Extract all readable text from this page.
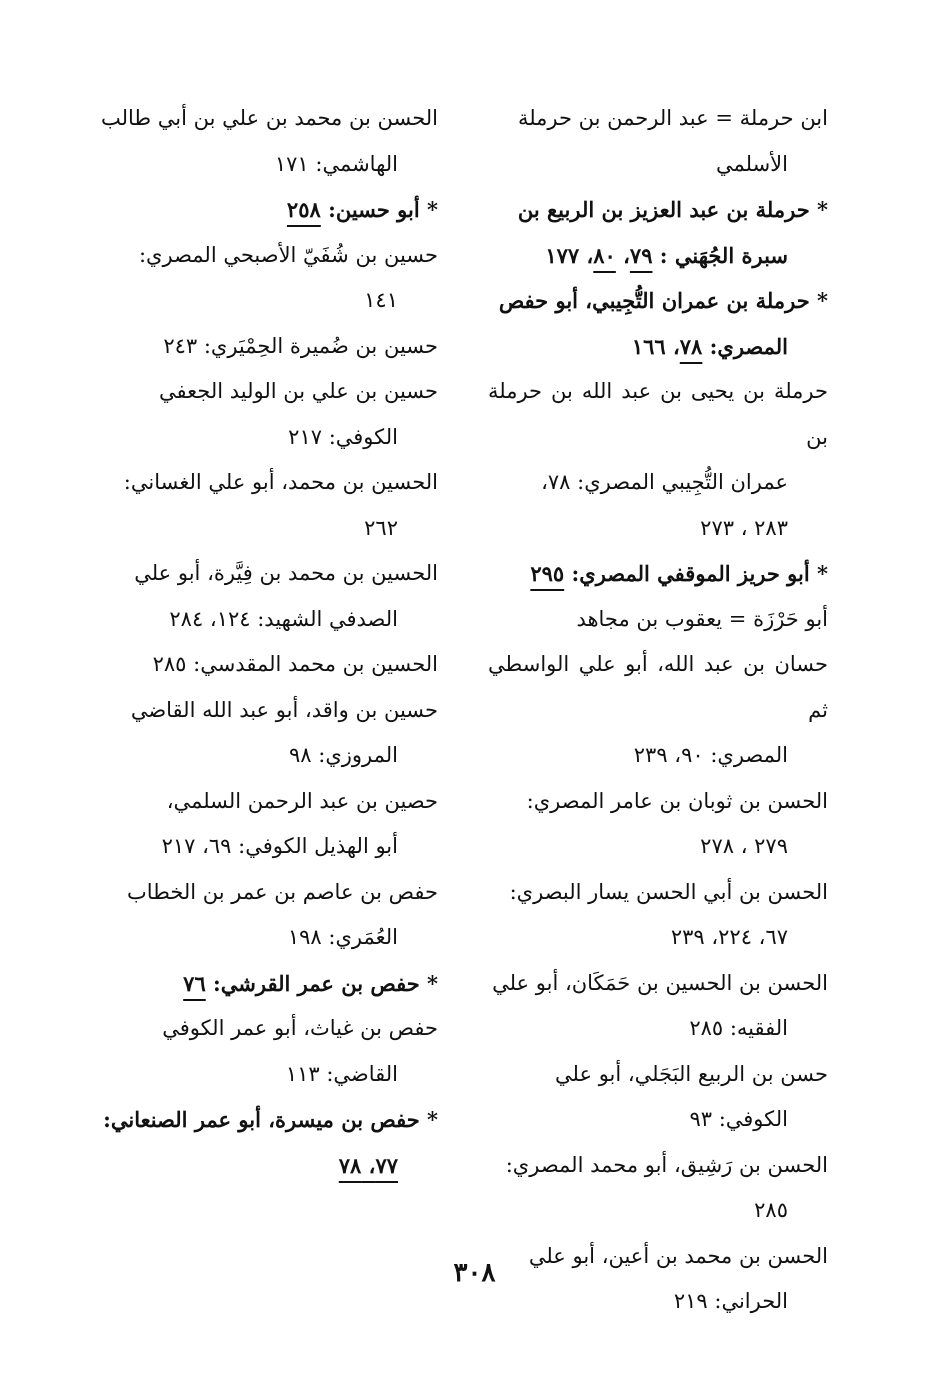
ابن حرملة = عبد الرحمن بن حرملة
الأسلمي
* حرملة بن عبد العزيز بن الربيع بن
سبرة الجُهَني : ٧٩، ٨٠، ١٧٧
* حرملة بن عمران التُّجِيبي، أبو حفص
المصري: ٧٨، ١٦٦
حرملة بن يحيى بن عبد الله بن حرملة بن
عمران التُّجِيبي المصري: ٧٨،
٢٨٣ ، ٢٧٣
* أبو حريز الموقفي المصري: ٢٩٥
أبو حَرْزَة = يعقوب بن مجاهد
حسان بن عبد الله، أبو علي الواسطي ثم
المصري: ٩٠، ٢٣٩
الحسن بن ثوبان بن عامر المصري:
٢٧٩ ، ٢٧٨
الحسن بن أبي الحسن يسار البصري:
٦٧، ٢٢٤، ٢٣٩
الحسن بن الحسين بن حَمَكَان، أبو علي
الفقيه: ٢٨٥
حسن بن الربيع البَجَلي، أبو علي
الكوفي: ٩٣
الحسن بن رَشِيق، أبو محمد المصري:
٢٨٥
الحسن بن محمد بن أعين، أبو علي
الحراني: ٢١٩
الحسن بن محمد بن علي بن أبي طالب
الهاشمي: ١٧١
* أبو حسين: ٢٥٨
حسين بن شُفَيّ الأصبحي المصري:
١٤١
حسين بن ضُميرة الحِمْيَري: ٢٤٣
حسين بن علي بن الوليد الجعفي
الكوفي: ٢١٧
الحسين بن محمد، أبو علي الغساني:
٢٦٢
الحسين بن محمد بن فِيَّرة، أبو علي
الصدفي الشهيد: ١٢٤، ٢٨٤
الحسين بن محمد المقدسي: ٢٨٥
حسين بن واقد، أبو عبد الله القاضي
المروزي: ٩٨
حصين بن عبد الرحمن السلمي،
أبو الهذيل الكوفي: ٦٩، ٢١٧
حفص بن عاصم بن عمر بن الخطاب
العُمَري: ١٩٨
* حفص بن عمر القرشي: ٧٦
حفص بن غياث، أبو عمر الكوفي
القاضي: ١١٣
* حفص بن ميسرة، أبو عمر الصنعاني:
٧٧، ٧٨
٣٠٨
